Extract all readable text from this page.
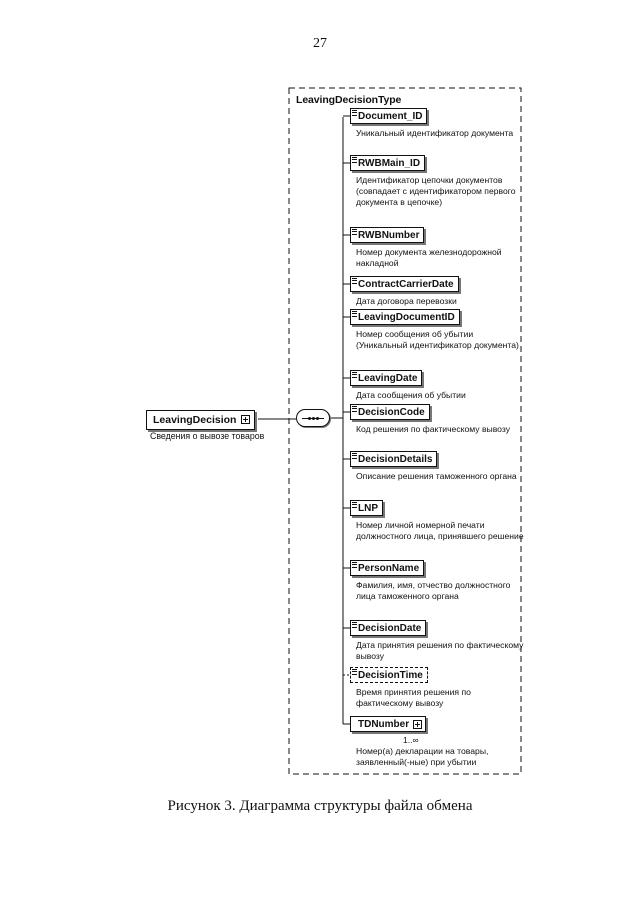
27
LeavingDecisionType
LeavingDecision
Сведения о вывозе товаров
Document_ID
Уникальный идентификатор документа
RWBMain_ID
Идентификатор цепочки документов (совпадает с идентификатором первого документа в цепочке)
RWBNumber
Номер документа железнодорожной накладной
ContractCarrierDate
Дата договора перевозки
LeavingDocumentID
Номер сообщения об убытии (Уникальный идентификатор документа)
LeavingDate
Дата сообщения об убытии
DecisionCode
Код решения по фактическому вывозу
DecisionDetails
Описание решения таможенного органа
LNP
Номер личной номерной печати должностного лица, принявшего решение
PersonName
Фамилия, имя, отчество должностного лица таможенного органа
DecisionDate
Дата принятия решения по фактическому вывозу
DecisionTime
Время принятия решения по фактическому вывозу
1..∞
TDNumber
Номер(а) декларации на товары, заявленный(-ные) при убытии
Рисунок 3. Диаграмма структуры файла обмена
